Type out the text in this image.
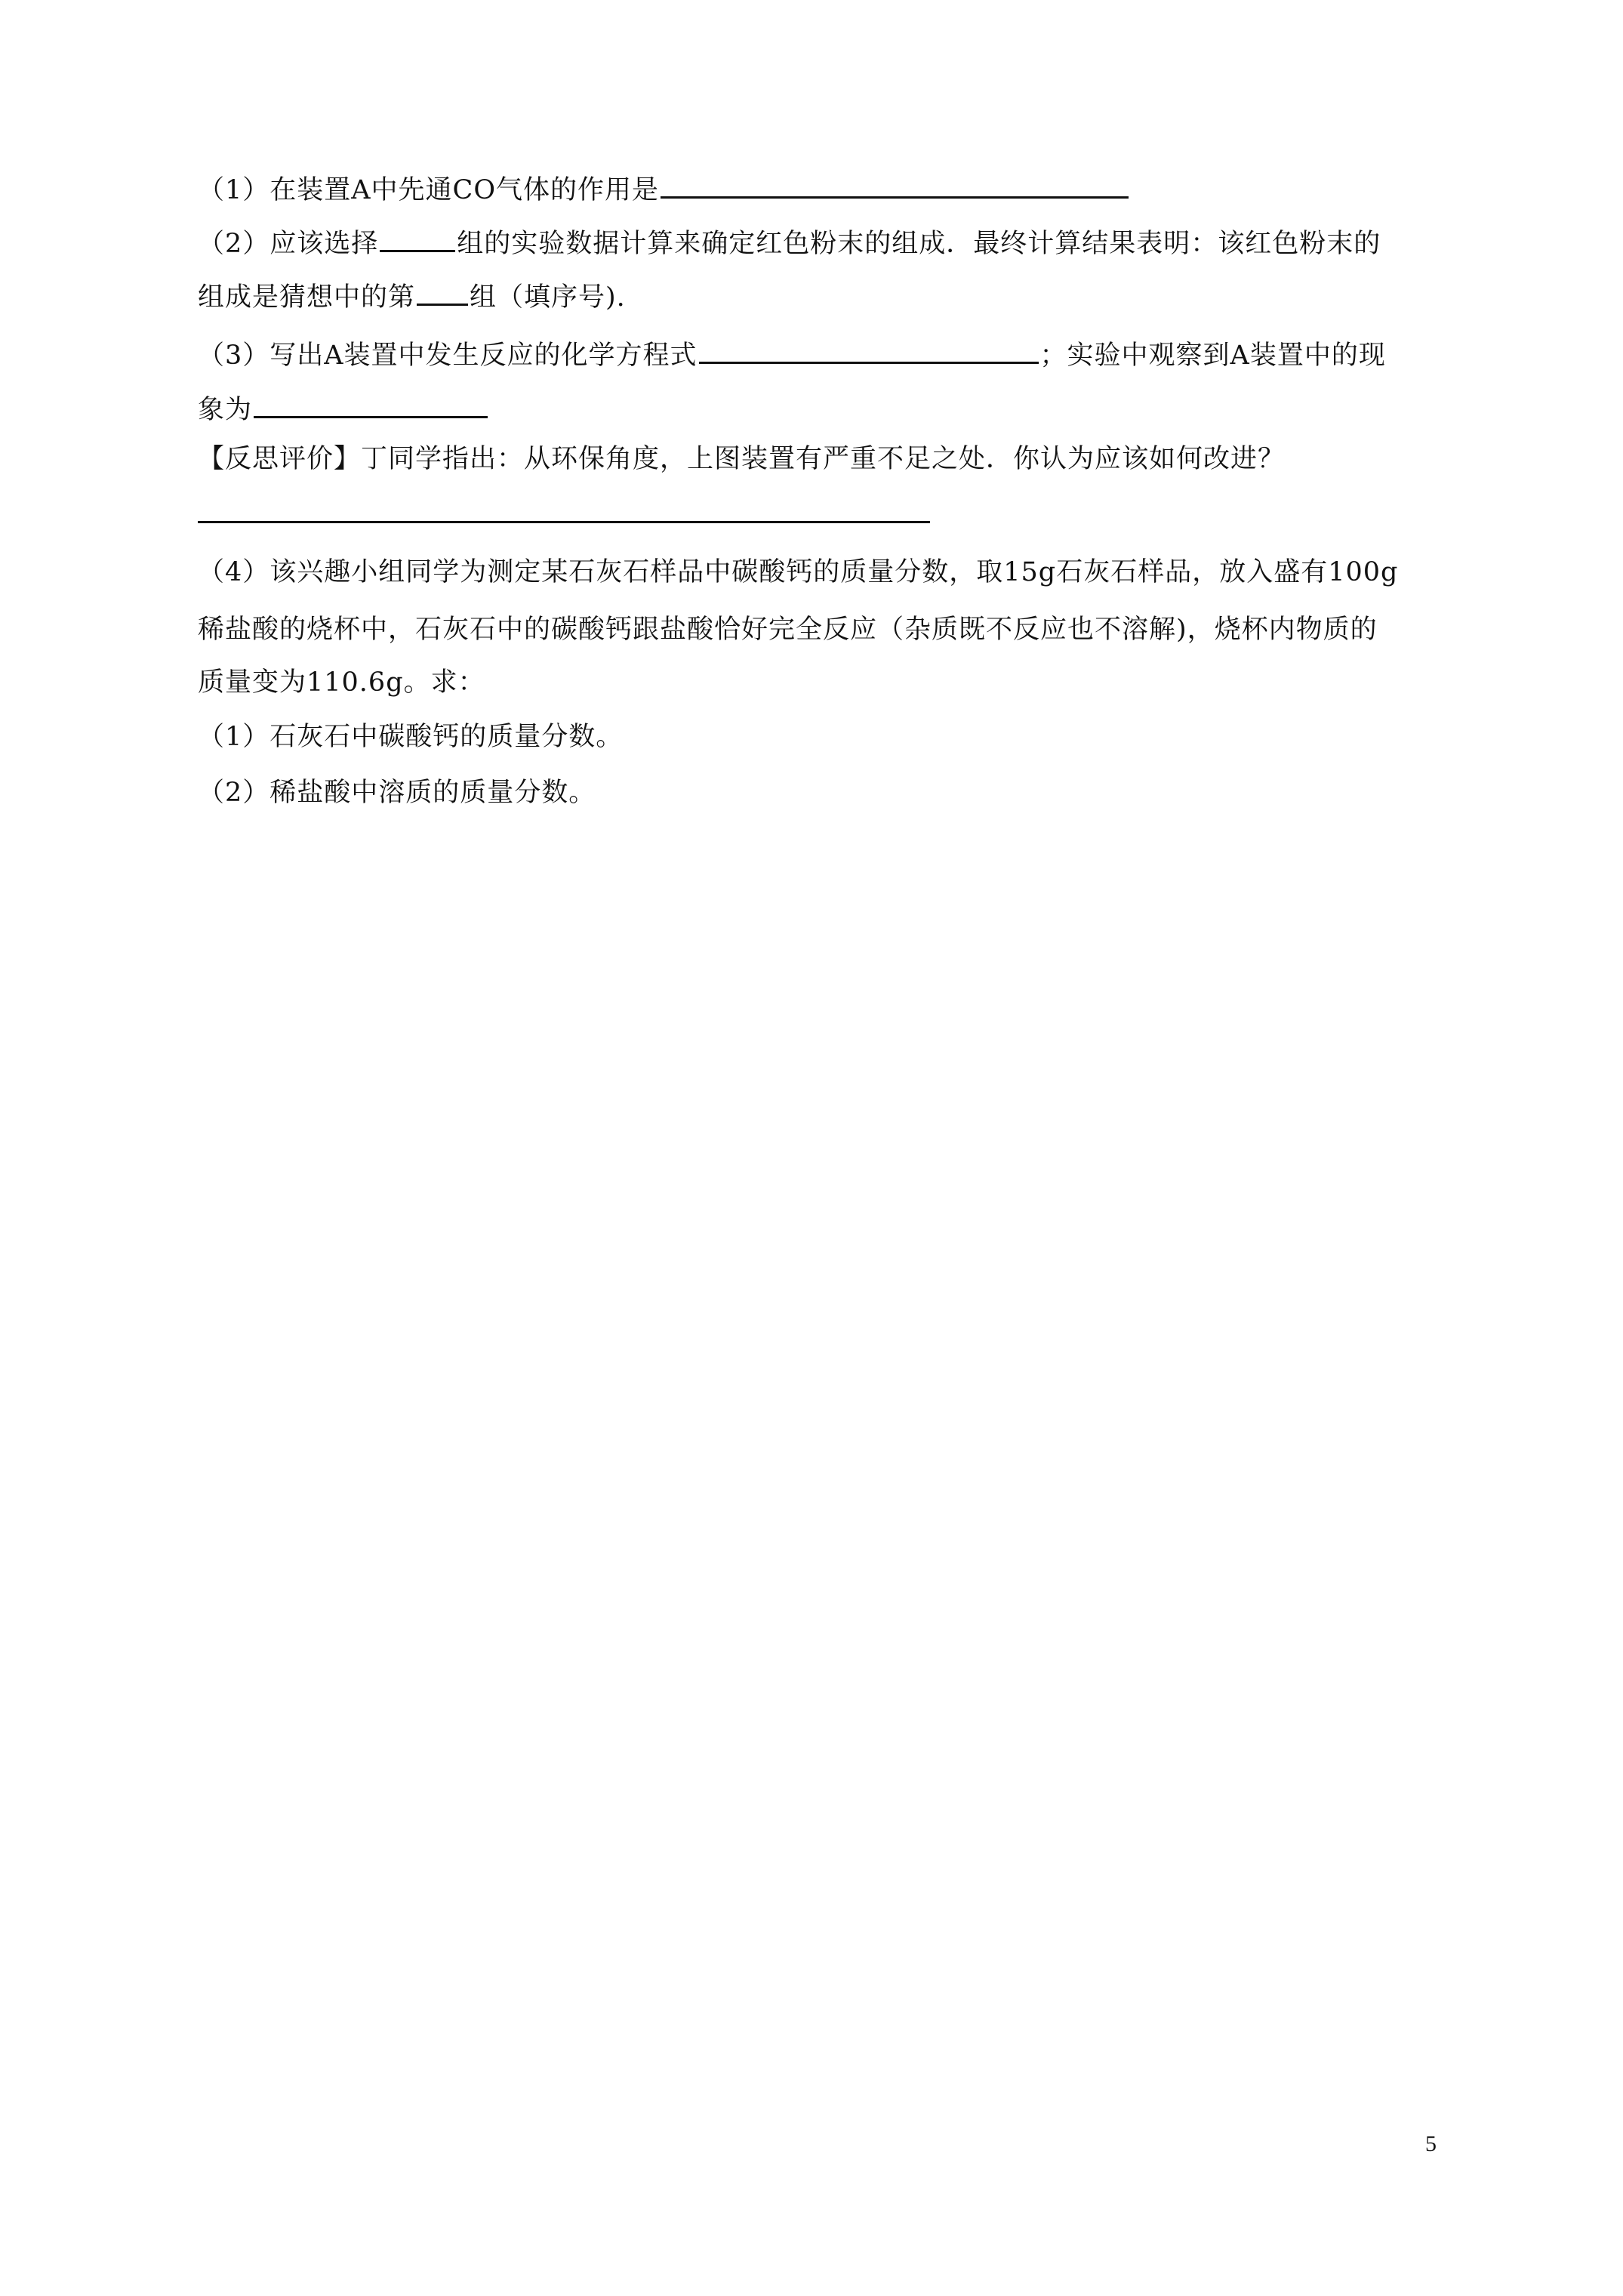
（1）在装置A中先通CO气体的作用是
（2）应该选择	组的实验数据计算来确定红色粉末的组成．最终计算结果表明：该红色粉末的
组成是猜想中的第 组（填序号).
（3）写出A装置中发生反应的化学方程式	；实验中观察到A装置中的现
象为
【反思评价】丁同学指出：从环保角度，上图装置有严重不足之处．你认为应该如何改进？
（4）该兴趣小组同学为测定某石灰石样品中碳酸钙的质量分数，取15g石灰石样品，放入盛有100g
稀盐酸的烧杯中，石灰石中的碳酸钙跟盐酸恰好完全反应（杂质既不反应也不溶解)，烧杯内物质的
质量变为110.6g。求：
（1）石灰石中碳酸钙的质量分数。
（2）稀盐酸中溶质的质量分数。
5
